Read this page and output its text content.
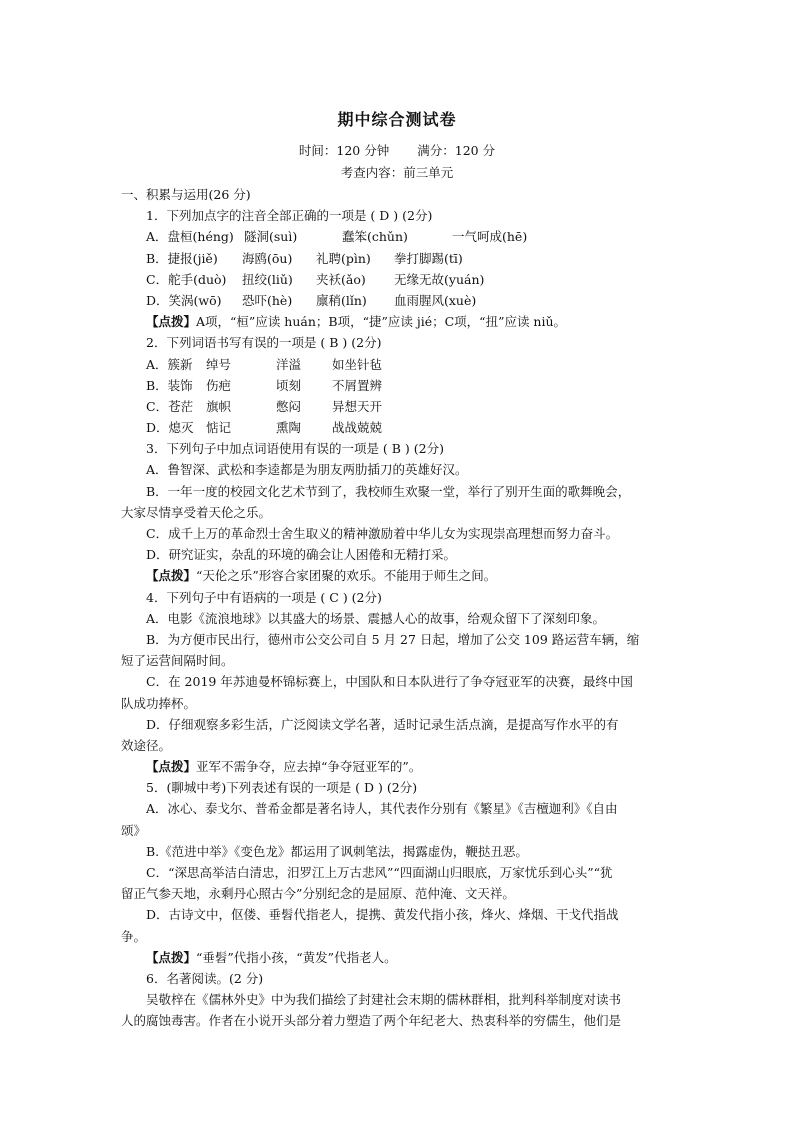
期中综合测试卷
时间：120 分钟 满分：120 分
考查内容：前三单元
一、积累与运用(26 分)
1．下列加点字的注音全部正确的一项是 ( D ) (2分)
A．盘桓(héng) 隧洞(suì)	蠢笨(chǔn)	一气呵成(hē)
B．捷报(jiě) 海鸥(ōu) 礼聘(pìn) 拳打脚踢(tī)
C．舵手(duò) 扭绞(liǔ) 夹袄(ǎo) 无缘无故(yuán)
D．笑涡(wō) 恐吓(hè) 廪稍(lǐn) 血雨腥风(xuè)
【点拨】A项，“桓”应读 huán；B项，“捷”应读 jié；C项，“扭”应读 niǔ。
2．下列词语书写有误的一项是 ( B ) (2分)
A．簇新 绰号	洋溢 如坐针毡
B．装饰 伤疤	顷刻 不屑置辨
C．苍茫 旗帜	憋闷 异想天开
D．熄灭 惦记	熏陶 战战兢兢
3．下列句子中加点词语使用有误的一项是 ( B ) (2分)
A．鲁智深、武松和李逵都是为朋友两肋插刀的英雄好汉。
B．一年一度的校园文化艺术节到了，我校师生欢聚一堂，举行了别开生面的歌舞晚会，
大家尽情享受着天伦之乐。
C．成千上万的革命烈士舍生取义的精神激励着中华儿女为实现崇高理想而努力奋斗。
D．研究证实，杂乱的环境的确会让人困倦和无精打采。
【点拨】“天伦之乐”形容合家团聚的欢乐。不能用于师生之间。
4．下列句子中有语病的一项是 ( C ) (2分)
A．电影《流浪地球》以其盛大的场景、震撼人心的故事，给观众留下了深刻印象。
B．为方便市民出行，德州市公交公司自 5 月 27 日起，增加了公交 109 路运营车辆，缩
短了运营间隔时间。
C．在 2019 年苏迪曼杯锦标赛上，中国队和日本队进行了争夺冠亚军的决赛，最终中国
队成功捧杯。
D．仔细观察多彩生活，广泛阅读文学名著，适时记录生活点滴，是提高写作水平的有
效途径。
【点拨】亚军不需争夺，应去掉“争夺冠亚军的”。
5．(聊城中考)下列表述有误的一项是 ( D ) (2分)
A．冰心、泰戈尔、普希金都是著名诗人，其代表作分别有《繁星》《吉檀迦利》《自由
颂》
B.《范进中举》《变色龙》都运用了讽刺笔法，揭露虚伪，鞭挞丑恶。
C．“深思高举洁白清忠，汨罗江上万古悲风”“四面湖山归眼底，万家忧乐到心头”“犹
留正气参天地，永剩丹心照古今”分别纪念的是屈原、范仲淹、文天祥。
D．古诗文中，伛偻、垂髫代指老人，提携、黄发代指小孩，烽火、烽烟、干戈代指战
争。
【点拨】“垂髫”代指小孩，“黄发”代指老人。
6．名著阅读。(2 分)
吴敬梓在《儒林外史》中为我们描绘了封建社会末期的儒林群相，批判科举制度对读书
人的腐蚀毒害。作者在小说开头部分着力塑造了两个年纪老大、热衷科举的穷儒生，他们是
